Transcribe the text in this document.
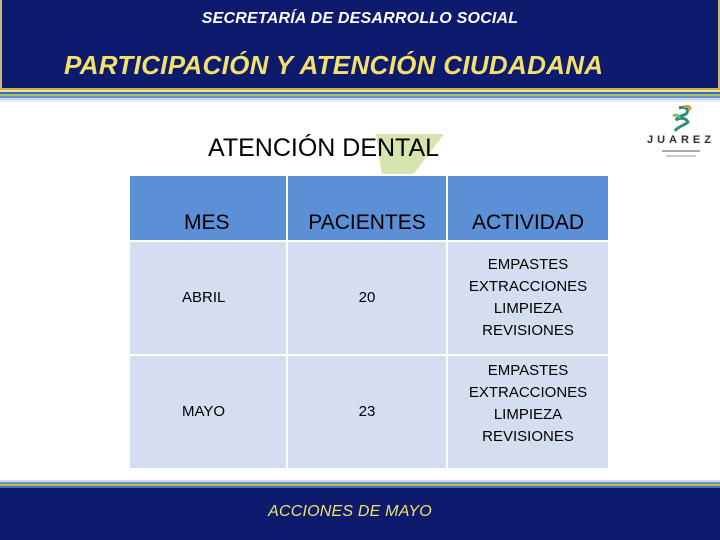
SECRETARÍA DE DESARROLLO SOCIAL
PARTICIPACIÓN Y ATENCIÓN CIUDADANA
JUAREZ
ATENCIÓN DENTAL
MES	PACIENTES	ACTIVIDAD
ABRIL	20	EMPASTES
EXTRACCIONES
LIMPIEZA
REVISIONES

MAYO	23	EMPASTES
EXTRACCIONES
LIMPIEZA
REVISIONES
ACCIONES DE MAYO
